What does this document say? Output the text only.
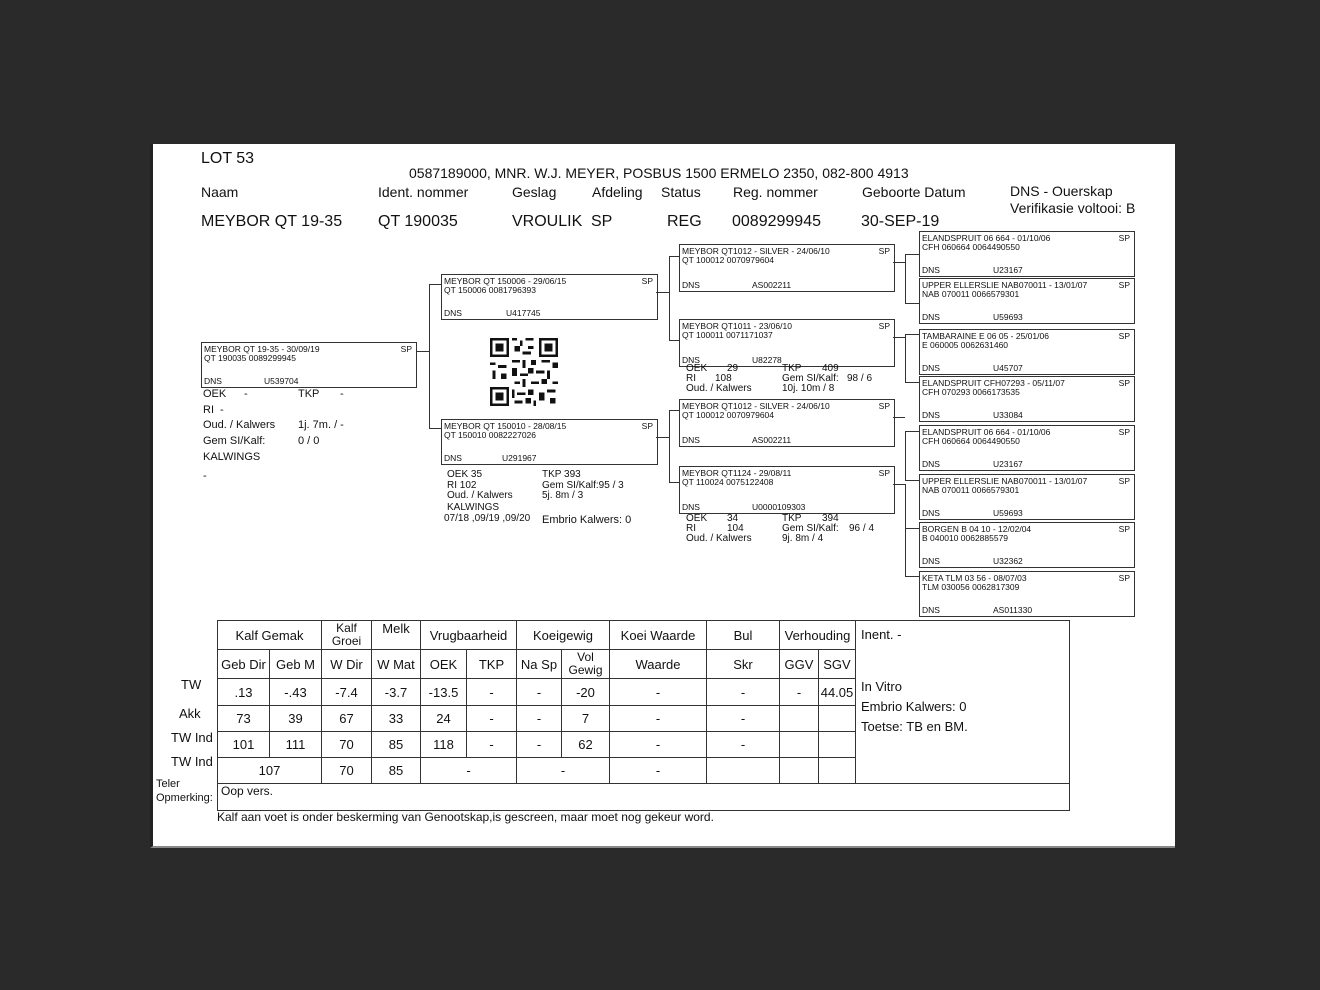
LOT 53
0587189000, MNR. W.J. MEYER, POSBUS 1500 ERMELO 2350, 082-800 4913
Naam	Ident. nommer	Geslag	Afdeling Status Reg. nommer	Geboorte Datum	DNS - Ouerskap
Verifikasie voltooi: B
MEYBOR QT 19-35 QT 190035	VROULIK SP	REG 0089299945	30-SEP-19
MEYBOR QT 19-35 - 30/09/19	SP
QT 190035 0089299945
DNS	U539704
OEK -	TKP -
RI -
Oud. / Kalwers 1j. 7m. / -
Gem SI/Kalf:	0 / 0
KALWINGS
-
MEYBOR QT 150006 - 29/06/15	SP
QT 150006 0081796393
DNS	U417745
MEYBOR QT 150010 - 28/08/15	SP
QT 150010 0082227026
DNS	U291967
OEK 35	TKP 393
RI 102	Gem SI/Kalf:95 / 3
Oud. / Kalwers	5j. 8m / 3
KALWINGS
07/18 ,09/19 ,09/20 Embrio Kalwers: 0
MEYBOR QT1012 - SILVER - 24/06/10	SP
QT 100012 0070979604
DNS	AS002211
MEYBOR QT1011 - 23/06/10	SP
QT 100011 0071171037
DNS	U82278
OEK 29	TKP 409
RI 108	Gem SI/Kalf: 98 / 6
Oud. / Kalwers	10j. 10m / 8
MEYBOR QT1012 - SILVER - 24/06/10	SP
QT 100012 0070979604
DNS	AS002211
MEYBOR QT1124 - 29/08/11	SP
QT 110024 0075122408
DNS	U0000109303
OEK 34	TKP 394
RI	104	Gem SI/Kalf: 96 / 4
Oud. / Kalwers	9j. 8m / 4
ELANDSPRUIT 06 664 - 01/10/06	SP
CFH 060664 0064490550
DNS	U23167
UPPER ELLERSLIE NAB070011 - 13/01/07	SP
NAB 070011 0066579301
DNS	U59693
TAMBARAINE E 06 05 - 25/01/06	SP
E 060005 0062631460
DNS	U45707
ELANDSPRUIT CFH07293 - 05/11/07	SP
CFH 070293 0066173535
DNS	U33084
ELANDSPRUIT 06 664 - 01/10/06	SP
CFH 060664 0064490550
DNS	U23167
UPPER ELLERSLIE NAB070011 - 13/01/07	SP
NAB 070011 0066579301
DNS	U59693
BORGEN B 04 10 - 12/02/04	SP
B 040010 0062885579
DNS	U32362
KETA TLM 03 56 - 08/07/03	SP
TLM 030056 0062817309
DNS	AS011330
TW
Akk
TW Ind
TW Ind
Teler Opmerking:
Kalf Gemak		Kalf Groei	Melk	Vrugbaarheid		Koeigewig		Koei Waarde	Bul	Verhouding		Inent. -
In Vitro
Embrio Kalwers: 0
Toetse: TB en BM.

Geb Dir	Geb M	W Dir	W Mat	OEK	TKP	Na Sp	Vol Gewig	Waarde	Skr	GGV	SGV	
.13	-.43	-7.4	-3.7	-13.5	-	-	-20	-	-	-	44.05	
73	39	67	33	24	-	-	7	-	-			
101	111	70	85	118	-	-	62	-	-			
107		70	85	-		-		-				
Oop vers.												
Kalf aan voet is onder beskerming van Genootskap,is gescreen, maar moet nog gekeur word.
